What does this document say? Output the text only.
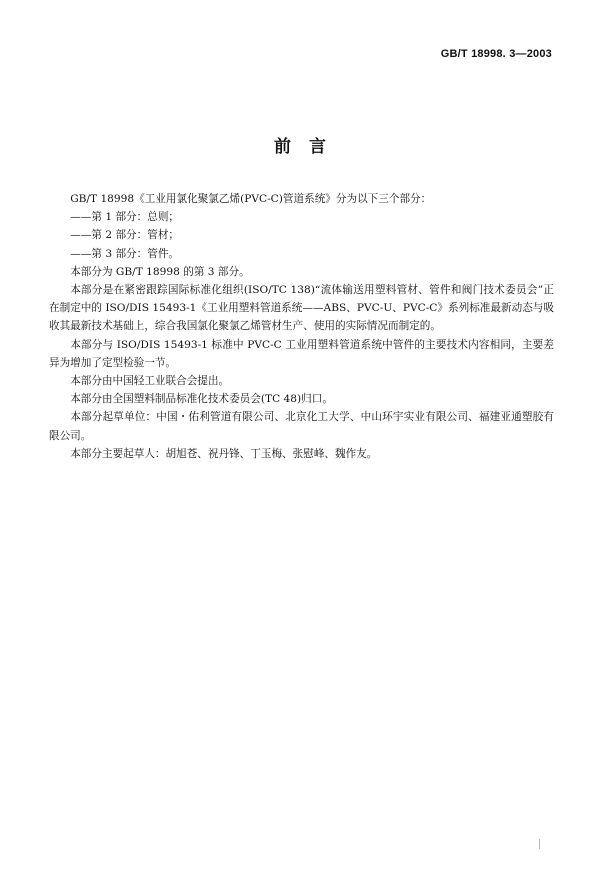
GB/T 18998. 3—2003
前言

GB/T 18998《工业用氯化聚氯乙烯(PVC-C)管道系统》分为以下三个部分：

——第 1 部分：总则；

——第 2 部分：管材；

——第 3 部分：管件。

本部分为 GB/T 18998 的第 3 部分。

本部分是在紧密跟踪国际标准化组织(ISO/TC 138)“流体输送用塑料管材、管件和阀门技术委员会”正在制定中的 ISO/DIS 15493-1《工业用塑料管道系统——ABS、PVC-U、PVC-C》系列标准最新动态与吸收其最新技术基础上，综合我国氯化聚氯乙烯管材生产、使用的实际情况而制定的。

本部分与 ISO/DIS 15493-1 标准中 PVC-C 工业用塑料管道系统中管件的主要技术内容相同，主要差异为增加了定型检验一节。

本部分由中国轻工业联合会提出。

本部分由全国塑料制品标准化技术委员会(TC 48)归口。

本部分起草单位：中国・佑利管道有限公司、北京化工大学、中山环宇实业有限公司、福建亚通塑胶有限公司。

本部分主要起草人：胡旭苍、祝丹锋、丁玉梅、张慰峰、魏作友。
